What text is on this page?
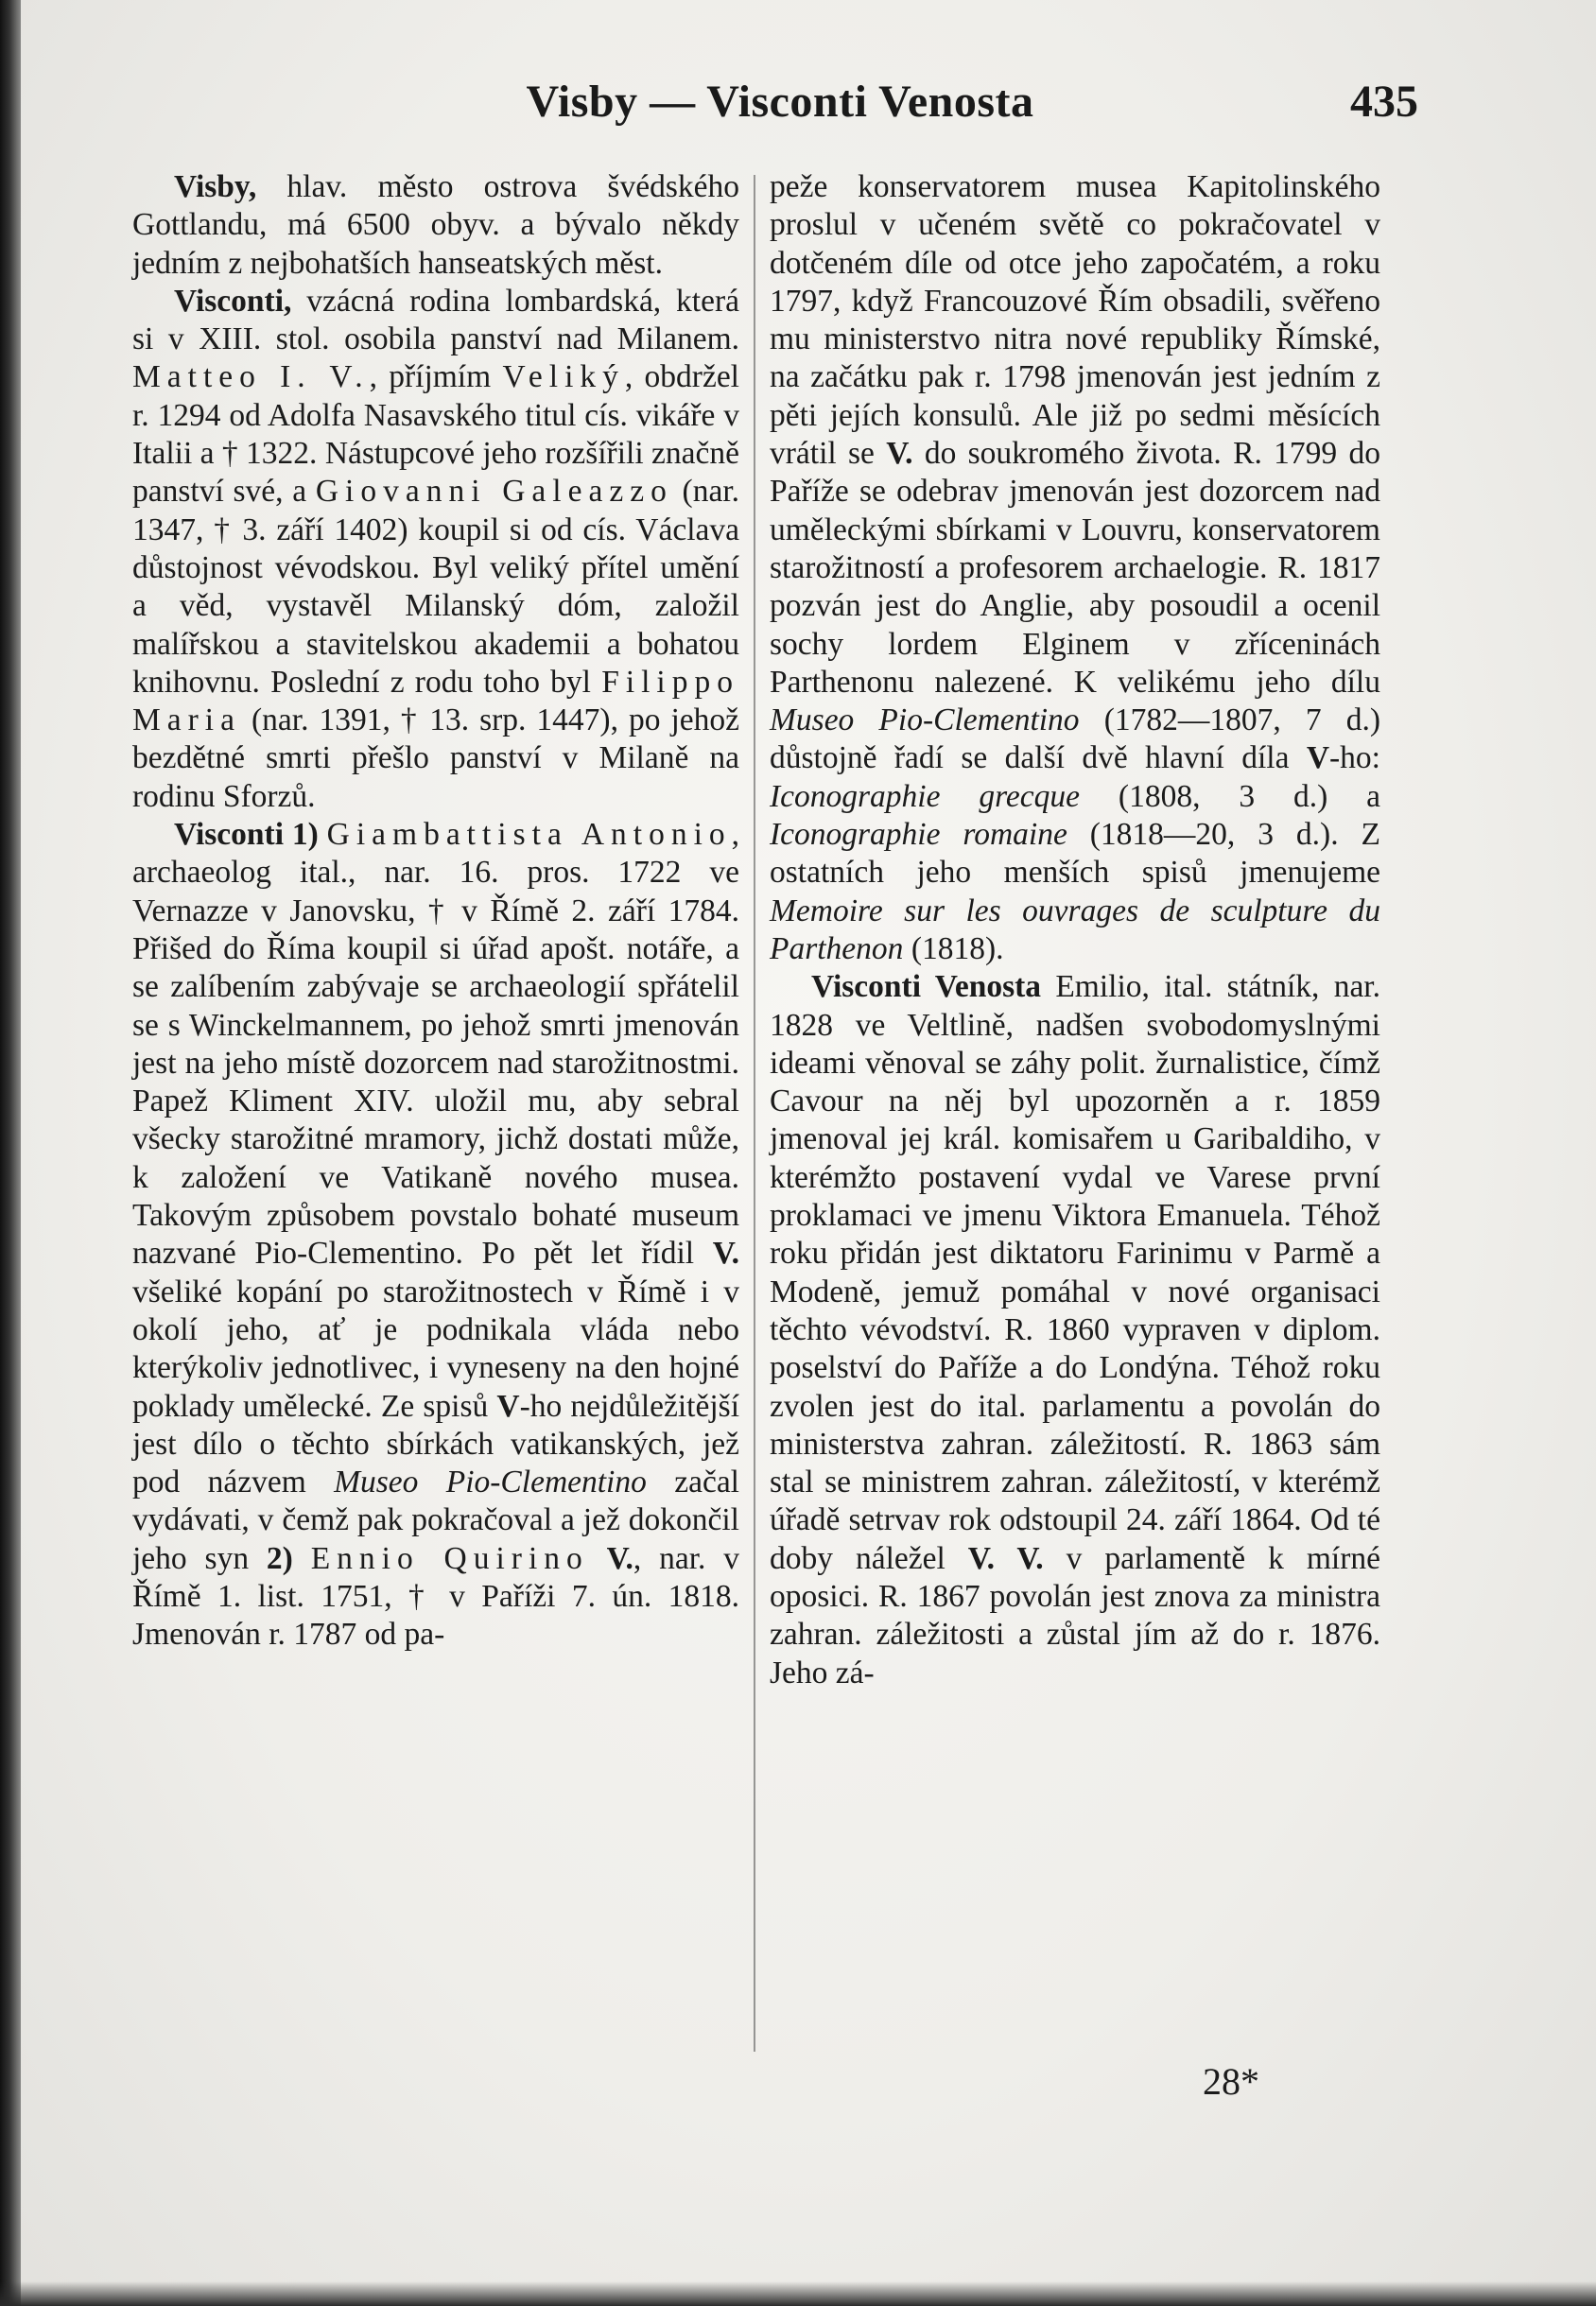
Visby — Visconti Venosta	435

Visby, hlav. město ostrova švédského Gottlandu, má 6500 obyv. a bývalo někdy jedním z nejbohatších hanseatských měst.

Visconti, vzácná rodina lombardská, která si v XIII. stol. osobila panství nad Milanem. Matteo I. V., příjmím Veliký, obdržel r. 1294 od Adolfa Nasavského titul cís. vikáře v Italii a † 1322. Nástupcové jeho rozšířili značně panství své, a Giovanni Galeazzo (nar. 1347, † 3. září 1402) koupil si od cís. Václava důstojnost vévodskou. Byl veliký přítel umění a věd, vystavěl Milanský dóm, založil malířskou a stavitelskou akademii a bohatou knihovnu. Poslední z rodu toho byl Filippo Maria (nar. 1391, † 13. srp. 1447), po jehož bezdětné smrti přešlo panství v Milaně na rodinu Sforzů.

Visconti 1) Giambattista Antonio, archaeolog ital., nar. 16. pros. 1722 ve Vernazze v Janovsku, † v Římě 2. září 1784. Přišed do Říma koupil si úřad apošt. notáře, a se zalíbením zabývaje se archaeologií spřátelil se s Winckelmannem, po jehož smrti jmenován jest na jeho místě dozorcem nad starožitnostmi. Papež Kliment XIV. uložil mu, aby sebral všecky starožitné mramory, jichž dostati může, k založení ve Vatikaně nového musea. Takovým způsobem povstalo bohaté museum nazvané Pio-Clementino. Po pět let řídil V. všeliké kopání po starožitnostech v Římě i v okolí jeho, ať je podnikala vláda nebo kterýkoliv jednotlivec, i vyneseny na den hojné poklady umělecké. Ze spisů V-ho nejdůležitější jest dílo o těchto sbírkách vatikanských, jež pod názvem Museo Pio-Clementino začal vydávati, v čemž pak pokračoval a jež dokončil jeho syn 2) Ennio Quirino V., nar. v Římě 1. list. 1751, † v Paříži 7. ún. 1818. Jmenován r. 1787 od pa-

peže konservatorem musea Kapitolinského proslul v učeném světě co pokračovatel v dotčeném díle od otce jeho započatém, a roku 1797, když Francouzové Řím obsadili, svěřeno mu ministerstvo nitra nové republiky Římské, na začátku pak r. 1798 jmenován jest jedním z pěti jejích konsulů. Ale již po sedmi měsících vrátil se V. do soukromého života. R. 1799 do Paříže se odebrav jmenován jest dozorcem nad uměleckými sbírkami v Louvru, konservatorem starožitností a profesorem archaelogie. R. 1817 pozván jest do Anglie, aby posoudil a ocenil sochy lordem Elginem v zříceninách Parthenonu nalezené. K velikému jeho dílu Museo Pio-Clementino (1782—1807, 7 d.) důstojně řadí se další dvě hlavní díla V-ho: Iconographie grecque (1808, 3 d.) a Iconographie romaine (1818—20, 3 d.). Z ostatních jeho menších spisů jmenujeme Memoire sur les ouvrages de sculpture du Parthenon (1818).

Visconti Venosta Emilio, ital. státník, nar. 1828 ve Veltlině, nadšen svobodomyslnými ideami věnoval se záhy polit. žurnalistice, čímž Cavour na něj byl upozorněn a r. 1859 jmenoval jej král. komisařem u Garibaldiho, v kterémžto postavení vydal ve Varese první proklamaci ve jmenu Viktora Emanuela. Téhož roku přidán jest diktatoru Farinimu v Parmě a Modeně, jemuž pomáhal v nové organisaci těchto vévodství. R. 1860 vypraven v diplom. poselství do Paříže a do Londýna. Téhož roku zvolen jest do ital. parlamentu a povolán do ministerstva zahran. záležitostí. R. 1863 sám stal se ministrem zahran. záležitostí, v kterémž úřadě setrvav rok odstoupil 24. září 1864. Od té doby náležel V. V. v parlamentě k mírné oposici. R. 1867 povolán jest znova za ministra zahran. záležitosti a zůstal jím až do r. 1876. Jeho zá-

28*
